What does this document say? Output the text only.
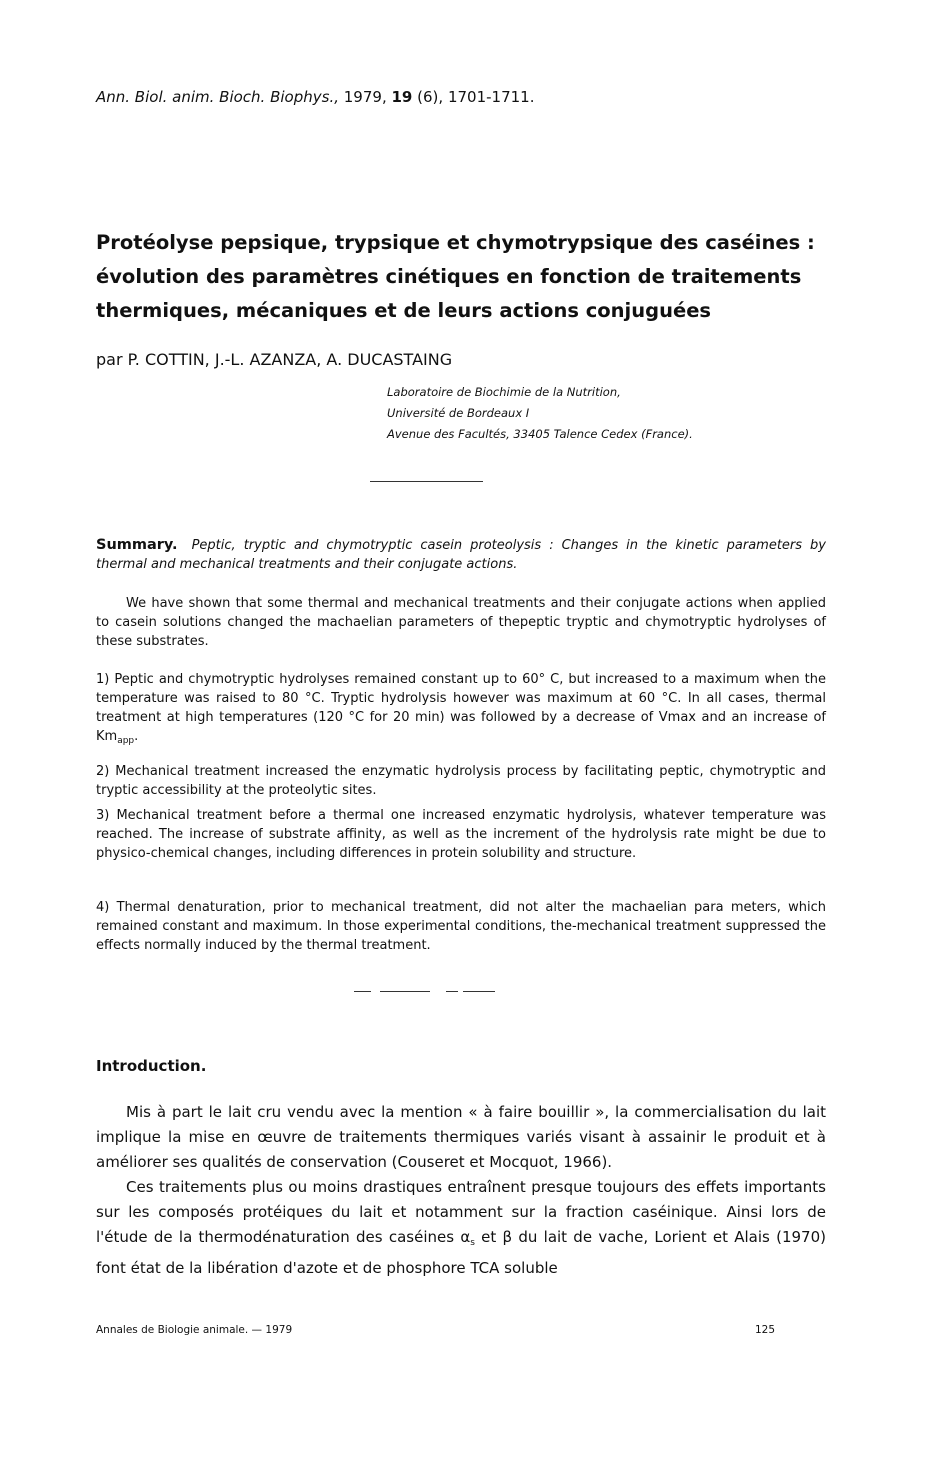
Ann. Biol. anim. Bioch. Biophys., 1979, 19 (6), 1701-1711.
Protéolyse pepsique, trypsique et chymotrypsique des caséines :
évolution des paramètres cinétiques en fonction de traitements
thermiques, mécaniques et de leurs actions conjuguées
par P. COTTIN, J.-L. AZANZA, A. DUCASTAING
Laboratoire de Biochimie de la Nutrition,
Université de Bordeaux I
Avenue des Facultés, 33405 Talence Cedex (France).

Summary. Peptic, tryptic and chymotryptic casein proteolysis : Changes in the kinetic parameters by thermal and mechanical treatments and their conjugate actions.

We have shown that some thermal and mechanical treatments and their conjugate actions when applied to casein solutions changed the machaelian parameters of thepeptic tryptic and chymotryptic hydrolyses of these substrates.

1) Peptic and chymotryptic hydrolyses remained constant up to 60° C, but increased to a maximum when the temperature was raised to 80 °C. Tryptic hydrolysis however was maximum at 60 °C. In all cases, thermal treatment at high temperatures (120 °C for 20 min) was followed by a decrease of Vmax and an increase of $Km_{app}$.

2) Mechanical treatment increased the enzymatic hydrolysis process by facilitating peptic, chymotryptic and tryptic accessibility at the proteolytic sites.

3) Mechanical treatment before a thermal one increased enzymatic hydrolysis, whatever temperature was reached. The increase of substrate affinity, as well as the increment of the hydrolysis rate might be due to physico-chemical changes, including differences in protein solubility and structure.

4) Thermal denaturation, prior to mechanical treatment, did not alter the machaelian para meters, which remained constant and maximum. In those experimental conditions, the-mechanical treatment suppressed the effects normally induced by the thermal treatment.

Introduction.

Mis à part le lait cru vendu avec la mention « à faire bouillir », la commercialisation du lait implique la mise en œuvre de traitements thermiques variés visant à assainir le produit et à améliorer ses qualités de conservation (Couseret et Mocquot, 1966).

Ces traitements plus ou moins drastiques entraînent presque toujours des effets importants sur les composés protéiques du lait et notamment sur la fraction caséinique. Ainsi lors de l'étude de la thermodénaturation des caséines $\alpha_s$ et β du lait de vache, Lorient et Alais (1970) font état de la libération d'azote et de phosphore TCA soluble

Annales de Biologie animale. — 1979	125
